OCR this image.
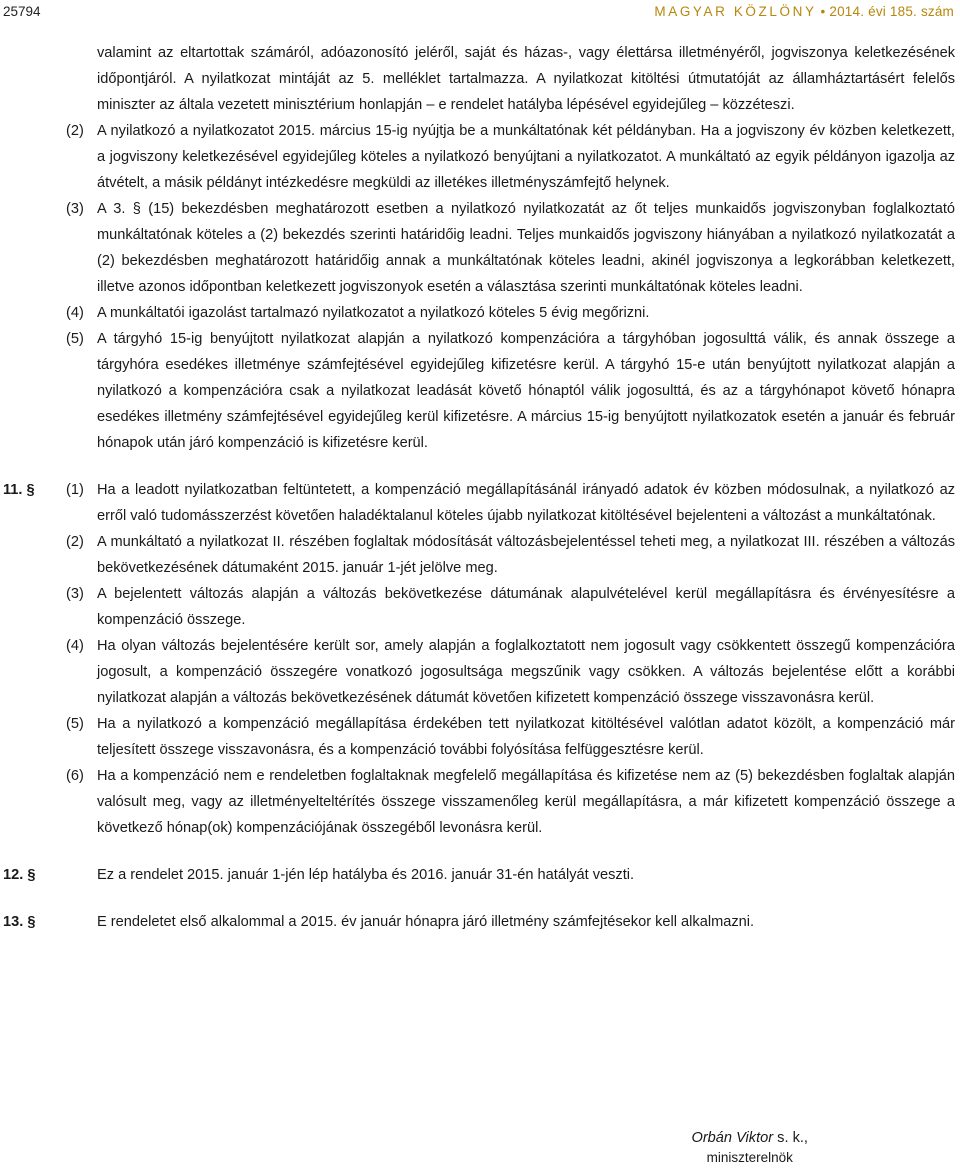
25794	MAGYAR KÖZLÖNY • 2014. évi 185. szám
valamint az eltartottak számáról, adóazonosító jeléről, saját és házas-, vagy élettársa illetményéről, jogviszonya keletkezésének időpontjáról. A nyilatkozat mintáját az 5. melléklet tartalmazza. A nyilatkozat kitöltési útmutatóját az államháztartásért felelős miniszter az általa vezetett minisztérium honlapján – e rendelet hatályba lépésével egyidejűleg – közzéteszi.
(2) A nyilatkozó a nyilatkozatot 2015. március 15-ig nyújtja be a munkáltatónak két példányban. Ha a jogviszony év közben keletkezett, a jogviszony keletkezésével egyidejűleg köteles a nyilatkozó benyújtani a nyilatkozatot. A munkáltató az egyik példányon igazolja az átvételt, a másik példányt intézkedésre megküldi az illetékes illetményszámfejtő helynek.
(3) A 3. § (15) bekezdésben meghatározott esetben a nyilatkozó nyilatkozatát az őt teljes munkaidős jogviszonyban foglalkoztató munkáltatónak köteles a (2) bekezdés szerinti határidőig leadni. Teljes munkaidős jogviszony hiányában a nyilatkozó nyilatkozatát a (2) bekezdésben meghatározott határidőig annak a munkáltatónak köteles leadni, akinél jogviszonya a legkorábban keletkezett, illetve azonos időpontban keletkezett jogviszonyok esetén a választása szerinti munkáltatónak köteles leadni.
(4) A munkáltatói igazolást tartalmazó nyilatkozatot a nyilatkozó köteles 5 évig megőrizni.
(5) A tárgyhó 15-ig benyújtott nyilatkozat alapján a nyilatkozó kompenzációra a tárgyhóban jogosulttá válik, és annak összege a tárgyhóra esedékes illetménye számfejtésével egyidejűleg kifizetésre kerül. A tárgyhó 15-e után benyújtott nyilatkozat alapján a nyilatkozó a kompenzációra csak a nyilatkozat leadását követő hónaptól válik jogosulttá, és az a tárgyhónapot követő hónapra esedékes illetmény számfejtésével egyidejűleg kerül kifizetésre. A március 15-ig benyújtott nyilatkozatok esetén a január és február hónapok után járó kompenzáció is kifizetésre kerül.
11. § (1) Ha a leadott nyilatkozatban feltüntetett, a kompenzáció megállapításánál irányadó adatok év közben módosulnak, a nyilatkozó az erről való tudomásszerzést követően haladéktalanul köteles újabb nyilatkozat kitöltésével bejelenteni a változást a munkáltatónak.
(2) A munkáltató a nyilatkozat II. részében foglaltak módosítását változásbejelentéssel teheti meg, a nyilatkozat III. részében a változás bekövetkezésének dátumaként 2015. január 1-jét jelölve meg.
(3) A bejelentett változás alapján a változás bekövetkezése dátumának alapulvételével kerül megállapításra és érvényesítésre a kompenzáció összege.
(4) Ha olyan változás bejelentésére került sor, amely alapján a foglalkoztatott nem jogosult vagy csökkentett összegű kompenzációra jogosult, a kompenzáció összegére vonatkozó jogosultsága megszűnik vagy csökken. A változás bejelentése előtt a korábbi nyilatkozat alapján a változás bekövetkezésének dátumát követően kifizetett kompenzáció összege visszavonásra kerül.
(5) Ha a nyilatkozó a kompenzáció megállapítása érdekében tett nyilatkozat kitöltésével valótlan adatot közölt, a kompenzáció már teljesített összege visszavonásra, és a kompenzáció további folyósítása felfüggesztésre kerül.
(6) Ha a kompenzáció nem e rendeletben foglaltaknak megfelelő megállapítása és kifizetése nem az (5) bekezdésben foglaltak alapján valósult meg, vagy az illetményelteltérítés összege visszamenőleg kerül megállapításra, a már kifizetett kompenzáció összege a következő hónap(ok) kompenzációjának összegéből levonásra kerül.
12. §	Ez a rendelet 2015. január 1-jén lép hatályba és 2016. január 31-én hatályát veszti.
13. §	E rendeletet első alkalommal a 2015. év január hónapra járó illetmény számfejtésekor kell alkalmazni.
Orbán Viktor s. k.,
miniszterelnök
